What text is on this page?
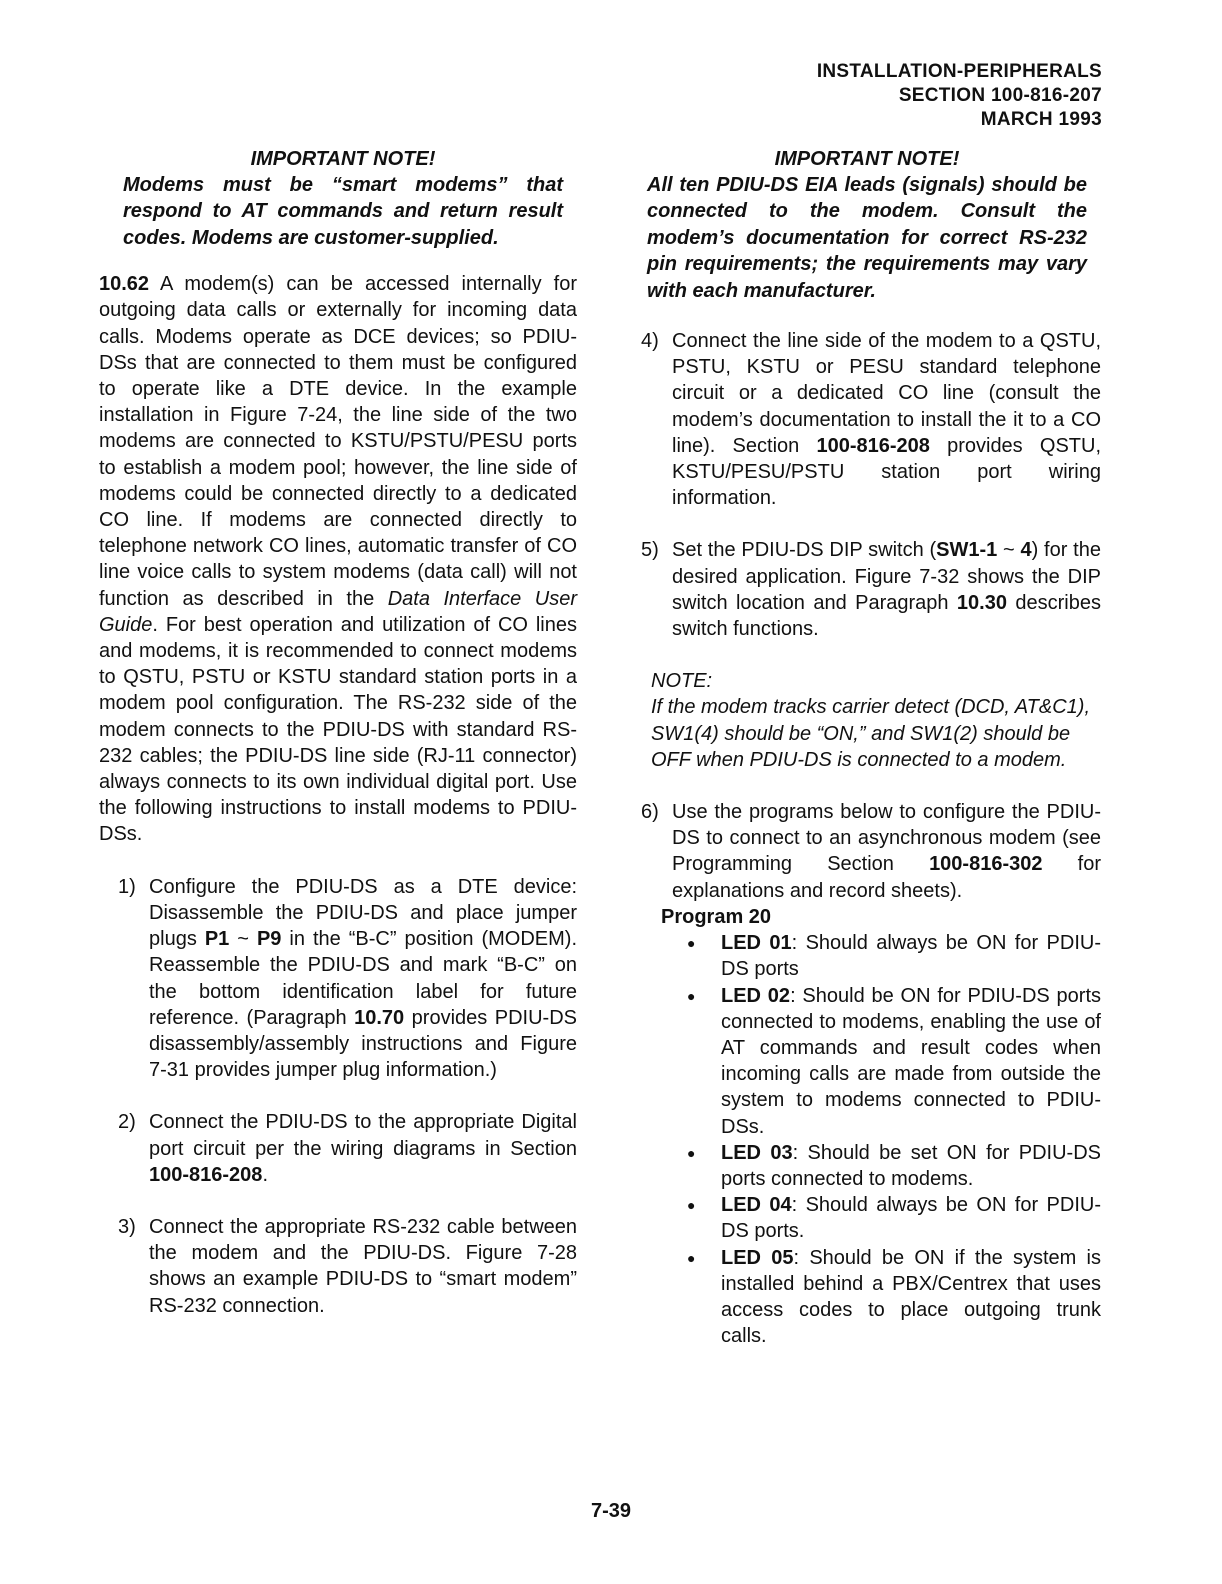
INSTALLATION-PERIPHERALS
SECTION 100-816-207
MARCH 1993
IMPORTANT NOTE!
Modems must be “smart modems” that respond to AT commands and return result codes. Modems are customer-supplied.

10.62 A modem(s) can be accessed internally for outgoing data calls or externally for incoming data calls. Modems operate as DCE devices; so PDIU-DSs that are connected to them must be configured to operate like a DTE device. In the example installation in Figure 7-24, the line side of the two modems are connected to KSTU/PSTU/PESU ports to establish a modem pool; however, the line side of modems could be connected directly to a dedicated CO line. If modems are connected directly to telephone network CO lines, automatic transfer of CO line voice calls to system modems (data call) will not function as described in the Data Interface User Guide. For best operation and utilization of CO lines and modems, it is recommended to connect modems to QSTU, PSTU or KSTU standard station ports in a modem pool configuration. The RS-232 side of the modem connects to the PDIU-DS with standard RS-232 cables; the PDIU-DS line side (RJ-11 connector) always connects to its own individual digital port. Use the following instructions to install modems to PDIU-DSs.

1) Configure the PDIU-DS as a DTE device: Disassemble the PDIU-DS and place jumper plugs P1 ~ P9 in the “B-C” position (MODEM). Reassemble the PDIU-DS and mark “B-C” on the bottom identification label for future reference. (Paragraph 10.70 provides PDIU-DS disassembly/assembly instructions and Figure 7-31 provides jumper plug information.)
2) Connect the PDIU-DS to the appropriate Digital port circuit per the wiring diagrams in Section 100-816-208.
3) Connect the appropriate RS-232 cable between the modem and the PDIU-DS. Figure 7-28 shows an example PDIU-DS to “smart modem” RS-232 connection.
IMPORTANT NOTE!
All ten PDIU-DS EIA leads (signals) should be connected to the modem. Consult the modem’s documentation for correct RS-232 pin requirements; the requirements may vary with each manufacturer.
4) Connect the line side of the modem to a QSTU, PSTU, KSTU or PESU standard telephone circuit or a dedicated CO line (consult the modem’s documentation to install the it to a CO line). Section 100-816-208 provides QSTU, KSTU/PESU/PSTU station port wiring information.
5) Set the PDIU-DS DIP switch (SW1-1 ~ 4) for the desired application. Figure 7-32 shows the DIP switch location and Paragraph 10.30 describes switch functions.
NOTE:
If the modem tracks carrier detect (DCD, AT&C1), SW1(4) should be “ON,” and SW1(2) should be OFF when PDIU-DS is connected to a modem.
6) Use the programs below to configure the PDIU-DS to connect to an asynchronous modem (see Programming Section 100-816-302 for explanations and record sheets).
Program 20
●	LED 01: Should always be ON for PDIU-DS ports
●	LED 02: Should be ON for PDIU-DS ports connected to modems, enabling the use of AT commands and result codes when incoming calls are made from outside the system to modems connected to PDIU-DSs.
●	LED 03: Should be set ON for PDIU-DS ports connected to modems.
●	LED 04: Should always be ON for PDIU-DS ports.
●	LED 05: Should be ON if the system is installed behind a PBX/Centrex that uses access codes to place outgoing trunk calls.
7-39
